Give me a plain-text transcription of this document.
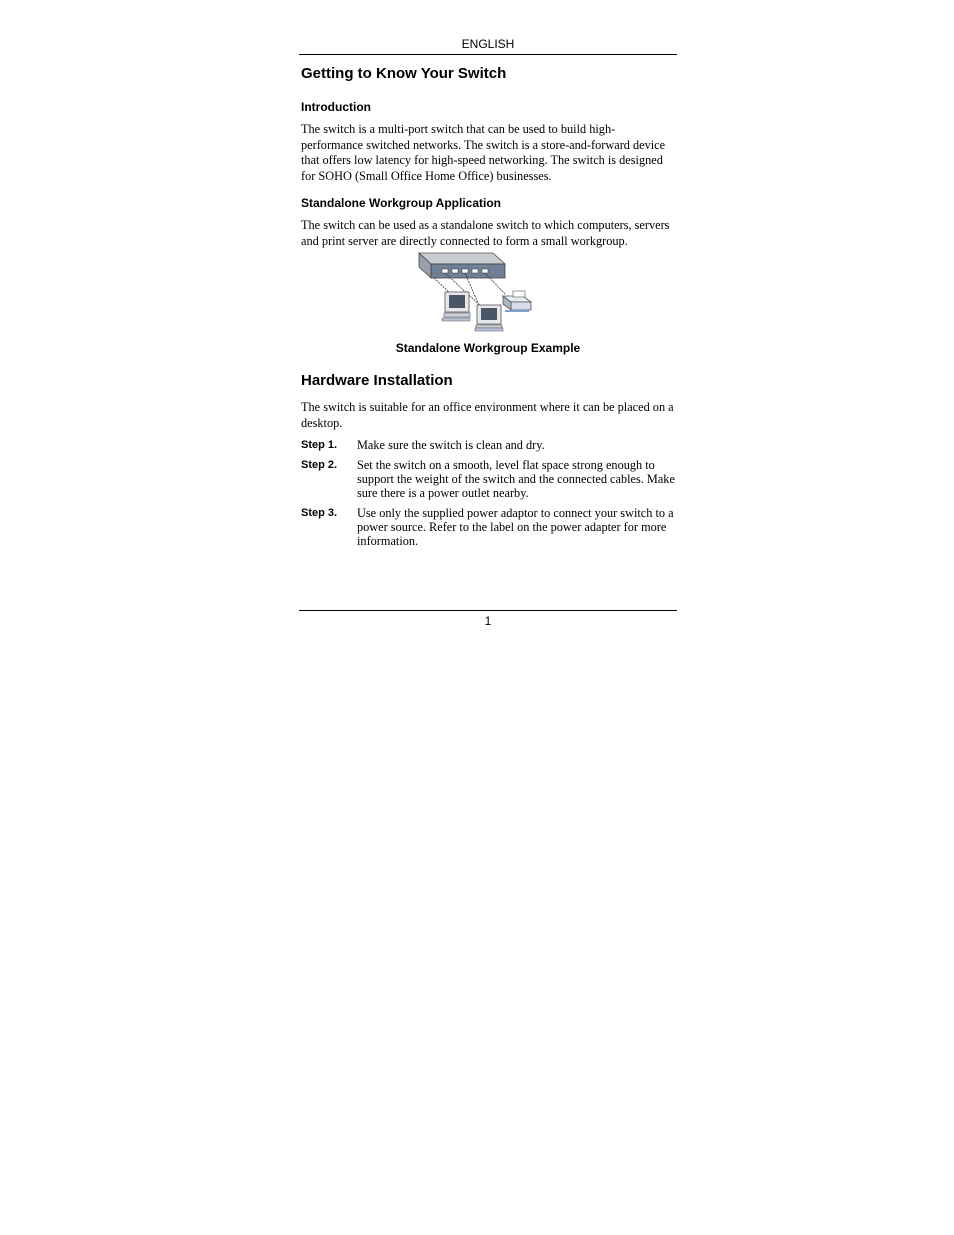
ENGLISH
Getting to Know Your Switch
Introduction

The switch is a multi-port switch that can be used to build high-performance switched networks. The switch is a store-and-forward device that offers low latency for high-speed networking. The switch is designed for SOHO (Small Office Home Office) businesses.

Standalone Workgroup Application

The switch can be used as a standalone switch to which computers, servers and print server are directly connected to form a small workgroup.

Standalone Workgroup Example
Hardware Installation

The switch is suitable for an office environment where it can be placed on a desktop.

Step 1. Make sure the switch is clean and dry.
Step 2. Set the switch on a smooth, level flat space strong enough to support the weight of the switch and the connected cables. Make sure there is a power outlet nearby.
Step 3. Use only the supplied power adaptor to connect your switch to a power source. Refer to the label on the power adapter for more information.
1
